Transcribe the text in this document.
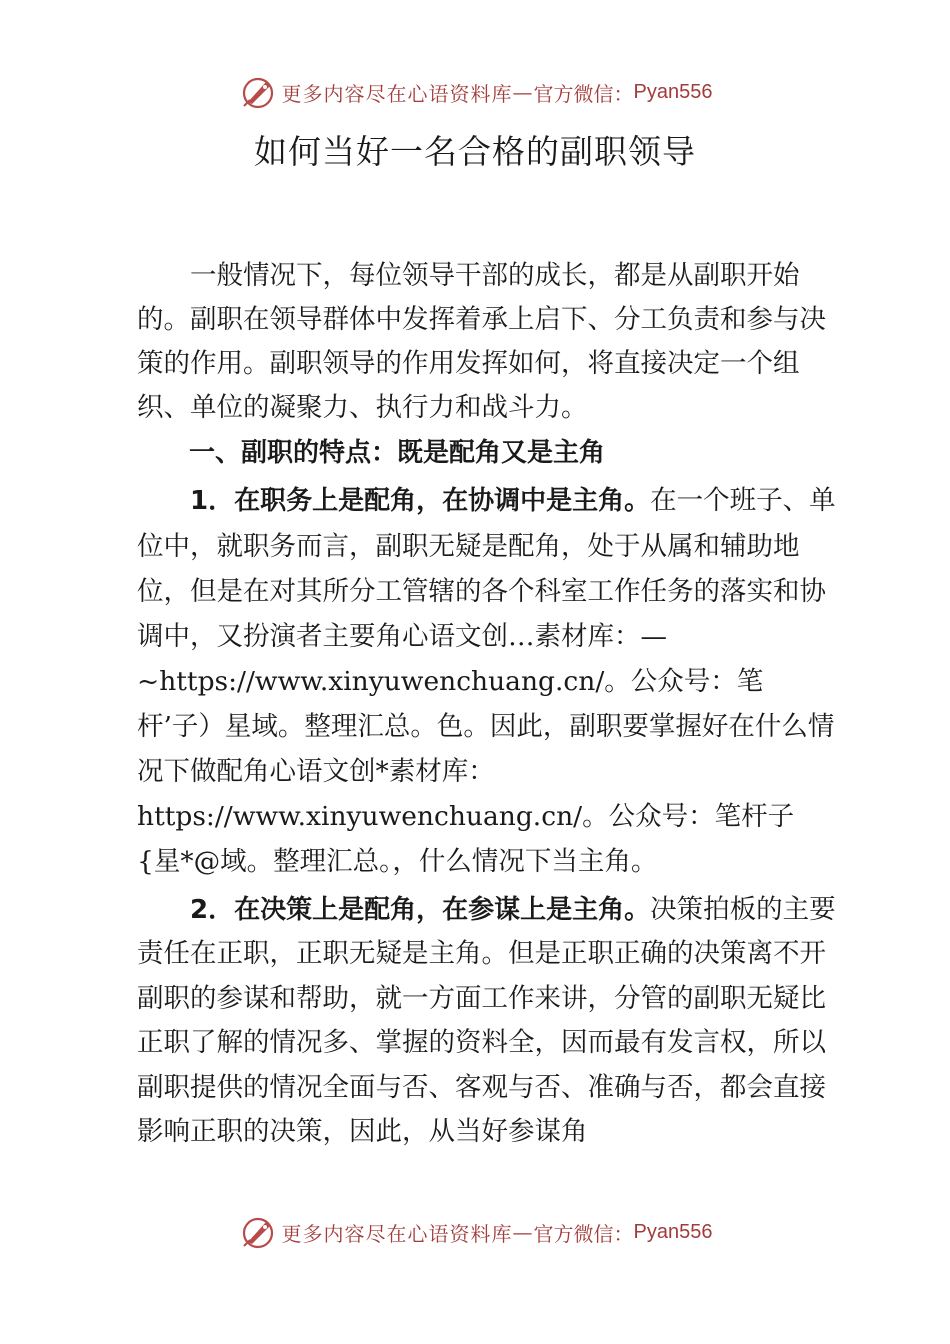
更多内容尽在心语资料库 — 官方微信： Pyan556
如何当好一名合格的副职领导

一般情况下，每位领导干部的成长，都是从副职开始的。副职在领导群体中发挥着承上启下、分工负责和参与决策的作用。副职领导的作用发挥如何，将直接决定一个组织、单位的凝聚力、执行力和战斗力。

一、副职的特点：既是配角又是主角

1．在职务上是配角，在协调中是主角。在一个班子、单位中，就职务而言，副职无疑是配角，处于从属和辅助地位，但是在对其所分工管辖的各个科室工作任务的落实和协调中，又扮演者主要角心语文创…素材库：—~https://www.xinyuwenchuang.cn/。公众号：笔杆’子）星域。整理汇总。色。因此，副职要掌握好在什么情况下做配角心语文创*素材库：https://www.xinyuwenchuang.cn/。公众号：笔杆子{星*@域。整理汇总。，什么情况下当主角。

2．在决策上是配角，在参谋上是主角。决策拍板的主要责任在正职，正职无疑是主角。但是正职正确的决策离不开副职的参谋和帮助，就一方面工作来讲，分管的副职无疑比正职了解的情况多、掌握的资料全，因而最有发言权，所以副职提供的情况全面与否、客观与否、准确与否，都会直接影响正职的决策，因此，从当好参谋角

更多内容尽在心语资料库 — 官方微信： Pyan556
